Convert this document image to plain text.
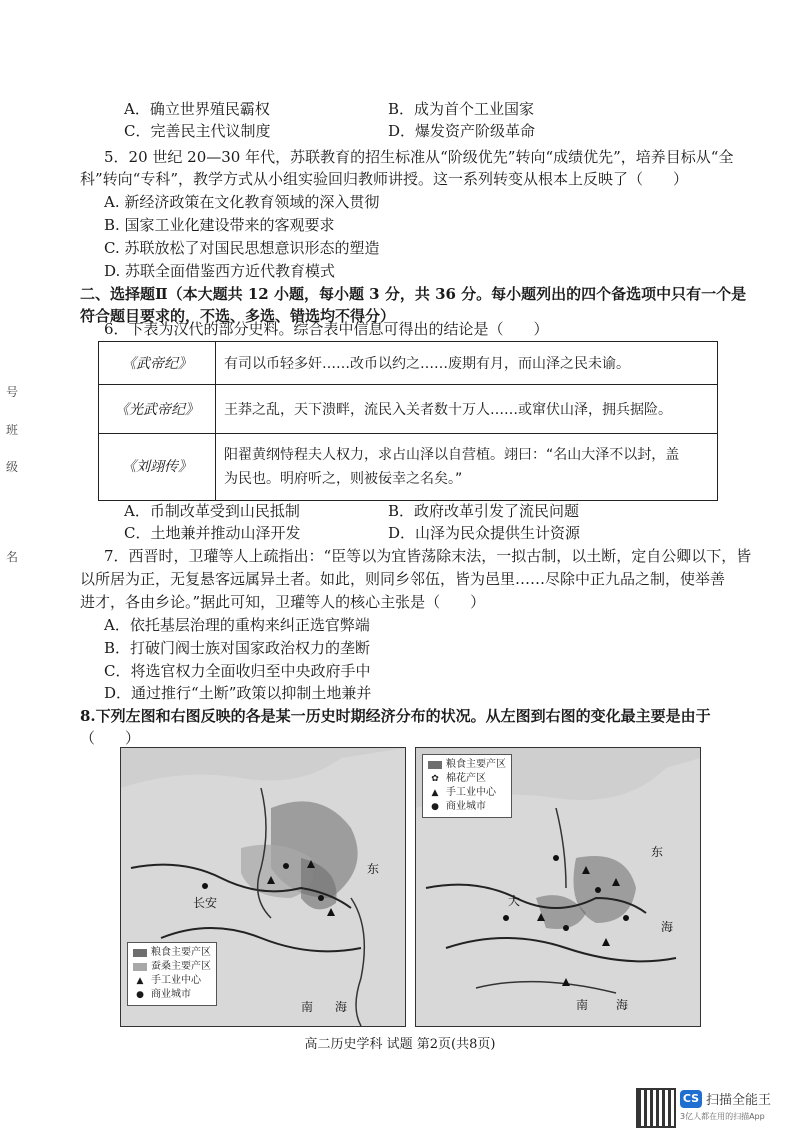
号
班
级
名
A．确立世界殖民霸权	B．成为首个工业国家
C．完善民主代议制度	D．爆发资产阶级革命
5．20 世纪 20—30 年代，苏联教育的招生标准从“阶级优先”转向“成绩优先”，培养目标从“全
科”转向“专科”，教学方式从小组实验回归教师讲授。这一系列转变从根本上反映了（　　）
A. 新经济政策在文化教育领域的深入贯彻
B. 国家工业化建设带来的客观要求
C. 苏联放松了对国民思想意识形态的塑造
D. 苏联全面借鉴西方近代教育模式
二、选择题Ⅱ（本大题共 12 小题，每小题 3 分，共 36 分。每小题列出的四个备选项中只有一个是
符合题目要求的，不选、多选、错选均不得分）
6．下表为汉代的部分史料。综合表中信息可得出的结论是（　　）
《武帝纪》	有司以币轻多奸……改币以约之……废期有月，而山泽之民未谕。
《光武帝纪》	王莽之乱，天下溃畔，流民入关者数十万人……或窜伏山泽，拥兵据险。
《刘翊传》	阳翟黄纲恃程夫人权力，求占山泽以自营植。翊曰：“名山大泽不以封，盖
为民也。明府听之，则被佞幸之名矣。”
A．币制改革受到山民抵制	B．政府改革引发了流民问题
C．土地兼并推动山泽开发	D．山泽为民众提供生计资源
7．西晋时，卫瓘等人上疏指出：“臣等以为宜皆荡除末法，一拟古制，以土断，定自公卿以下，皆
以所居为正，无复悬客远属异土者。如此，则同乡邻伍，皆为邑里……尽除中正九品之制，使举善
进才，各由乡论。”据此可知，卫瓘等人的核心主张是（　　）
A．依托基层治理的重构来纠正选官弊端
B．打破门阀士族对国家政治权力的垄断
C．将选官权力全面收归至中央政府手中
D．通过推行“土断”政策以抑制土地兼并
8.下列左图和右图反映的各是某一历史时期经济分布的状况。从左图到右图的变化最主要是由于
（　　）
长安
东
南 海
粮食主要产区
蚕桑主要产区
▲ 手工业中心
● 商业城市
东
海
大
南 海
粮食主要产区
✿ 棉花产区
▲ 手工业中心
● 商业城市
高二历史学科 试题 第2页(共8页)
CS 扫描全能王
3亿人都在用的扫描App
